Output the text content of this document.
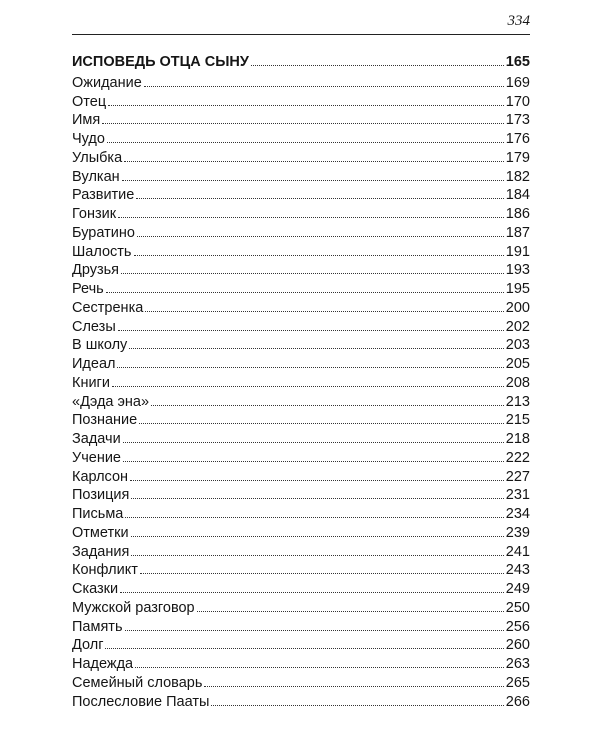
334
ИСПОВЕДЬ ОТЦА СЫНУ	165
Ожидание	169
Отец	170
Имя	173
Чудо	176
Улыбка	179
Вулкан	182
Развитие	184
Гонзик	186
Буратино	187
Шалость	191
Друзья	193
Речь	195
Сестренка	200
Слезы	202
В школу	203
Идеал	205
Книги	208
«Дэда эна»	213
Познание	215
Задачи	218
Учение	222
Карлсон	227
Позиция	231
Письма	234
Отметки	239
Задания	241
Конфликт	243
Сказки	249
Мужской разговор	250
Память	256
Долг	260
Надежда	263
Семейный словарь	265
Послесловие Пааты	266
